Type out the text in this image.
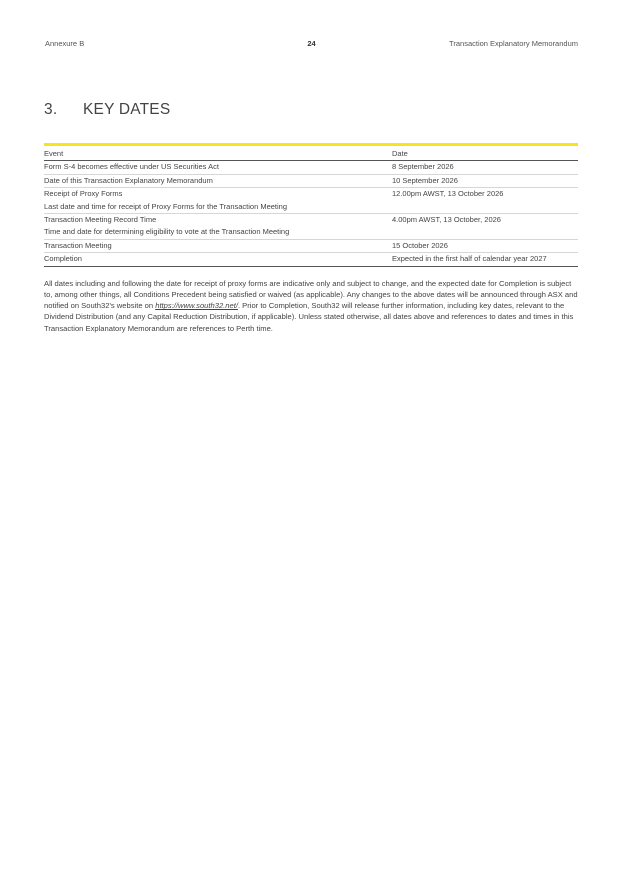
Annexure B	24	Transaction Explanatory Memorandum
3. KEY DATES
Event	Date
Form S-4 becomes effective under US Securities Act	8 September 2026
Date of this Transaction Explanatory Memorandum	10 September 2026
Receipt of Proxy Forms	12.00pm AWST, 13 October 2026
Last date and time for receipt of Proxy Forms for the Transaction Meeting	
Transaction Meeting Record Time	4.00pm AWST, 13 October, 2026
Time and date for determining eligibility to vote at the Transaction Meeting	
Transaction Meeting	15 October 2026
Completion	Expected in the first half of calendar year 2027

All dates including and following the date for receipt of proxy forms are indicative only and subject to change, and the expected date for Completion is subject to, among other things, all Conditions Precedent being satisfied or waived (as applicable). Any changes to the above dates will be announced through ASX and notified on South32's website on https://www.south32.net/. Prior to Completion, South32 will release further information, including key dates, relevant to the Dividend Distribution (and any Capital Reduction Distribution, if applicable). Unless stated otherwise, all dates above and references to dates and times in this Transaction Explanatory Memorandum are references to Perth time.
